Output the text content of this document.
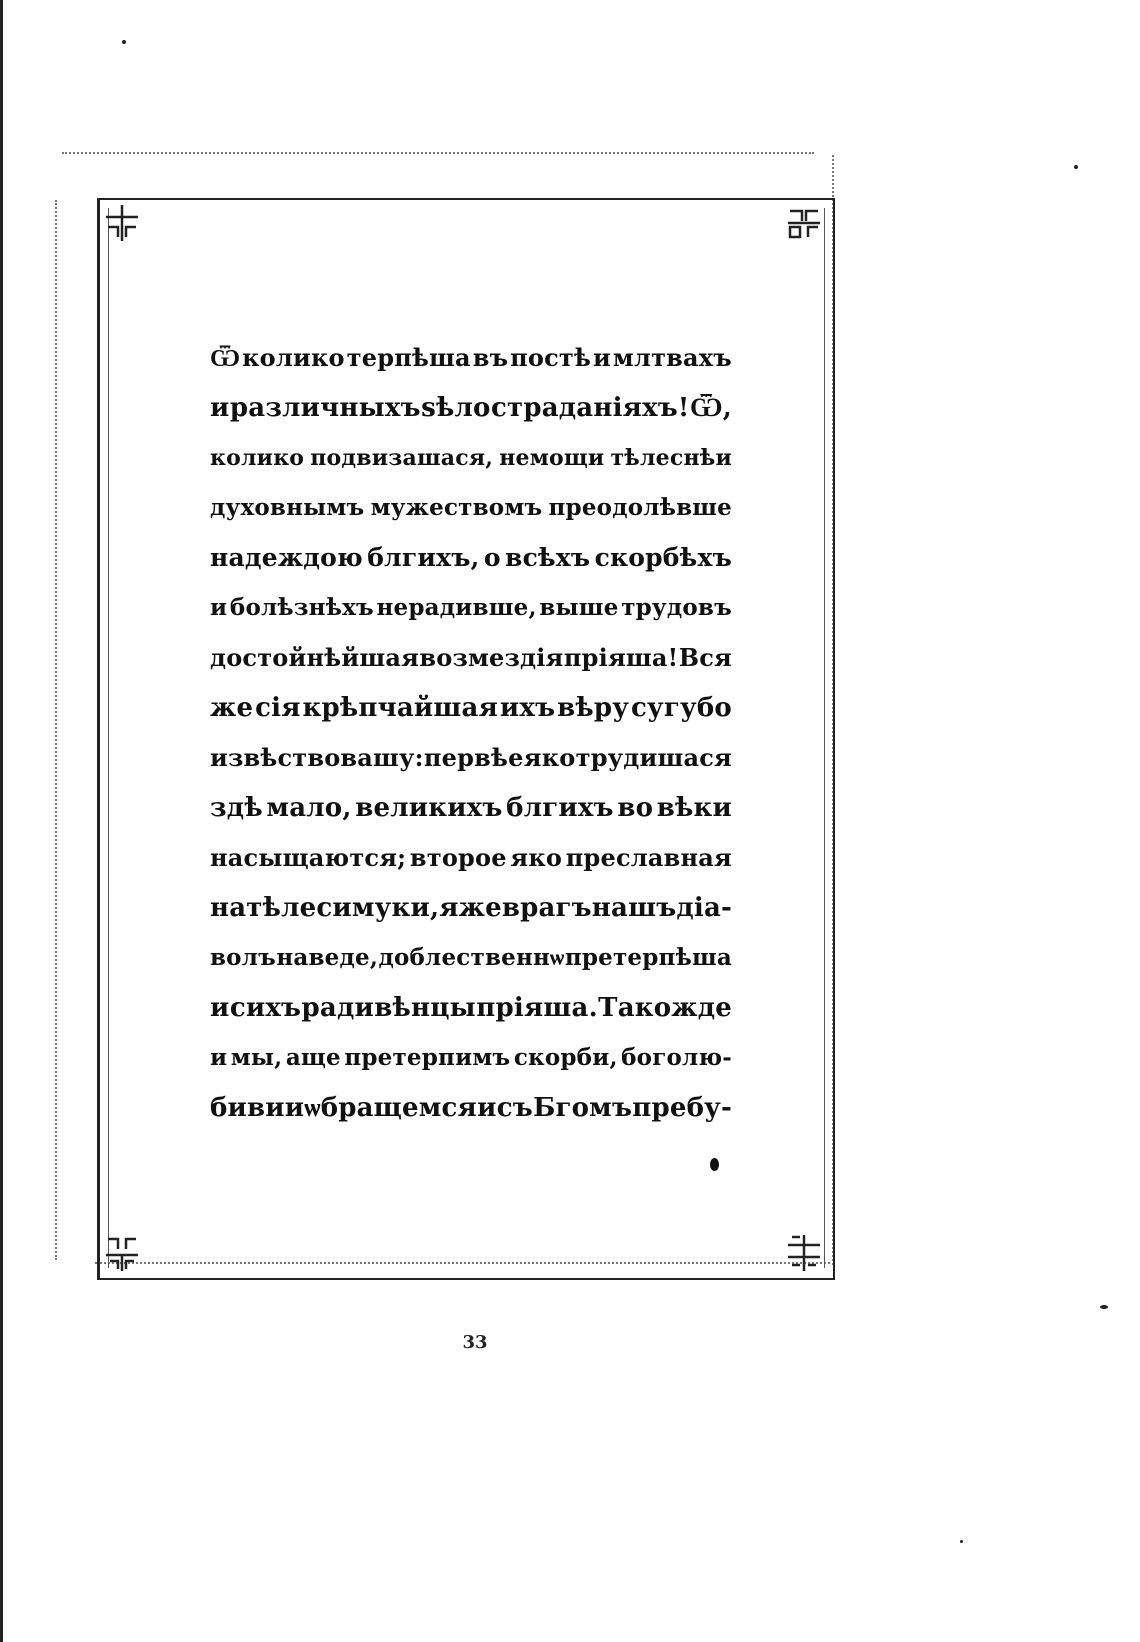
Ѿ колико терпѣша въ постѣ и млтвахъ
и различныхъ ѕѣло страданіяхъ! Ѿ,
колико подвизашася, немощи тѣлеснѣи
духовнымъ мужествомъ преодолѣвше
надеждою блгихъ, о всѣхъ скорбѣхъ
и болѣзнѣхъ нерадивше, выше трудовъ
достойнѣйшая возмездія пріяша! Вся
же сія крѣпчайшая ихъ вѣру сугубо
извѣствовашу: первѣе яко трудишася
здѣ мало, великихъ блгихъ во вѣки
насыщаются; второе яко преславная
на тѣлеси муки, яже врагъ нашъ діа-
волъ наведе, доблественнѡ претерпѣша
и сихъ ради вѣнцы пріяша. Такожде
и мы, аще претерпимъ скорби, боголю-
бивии ѡбращемся и съ Бгомъ пребу-
33
